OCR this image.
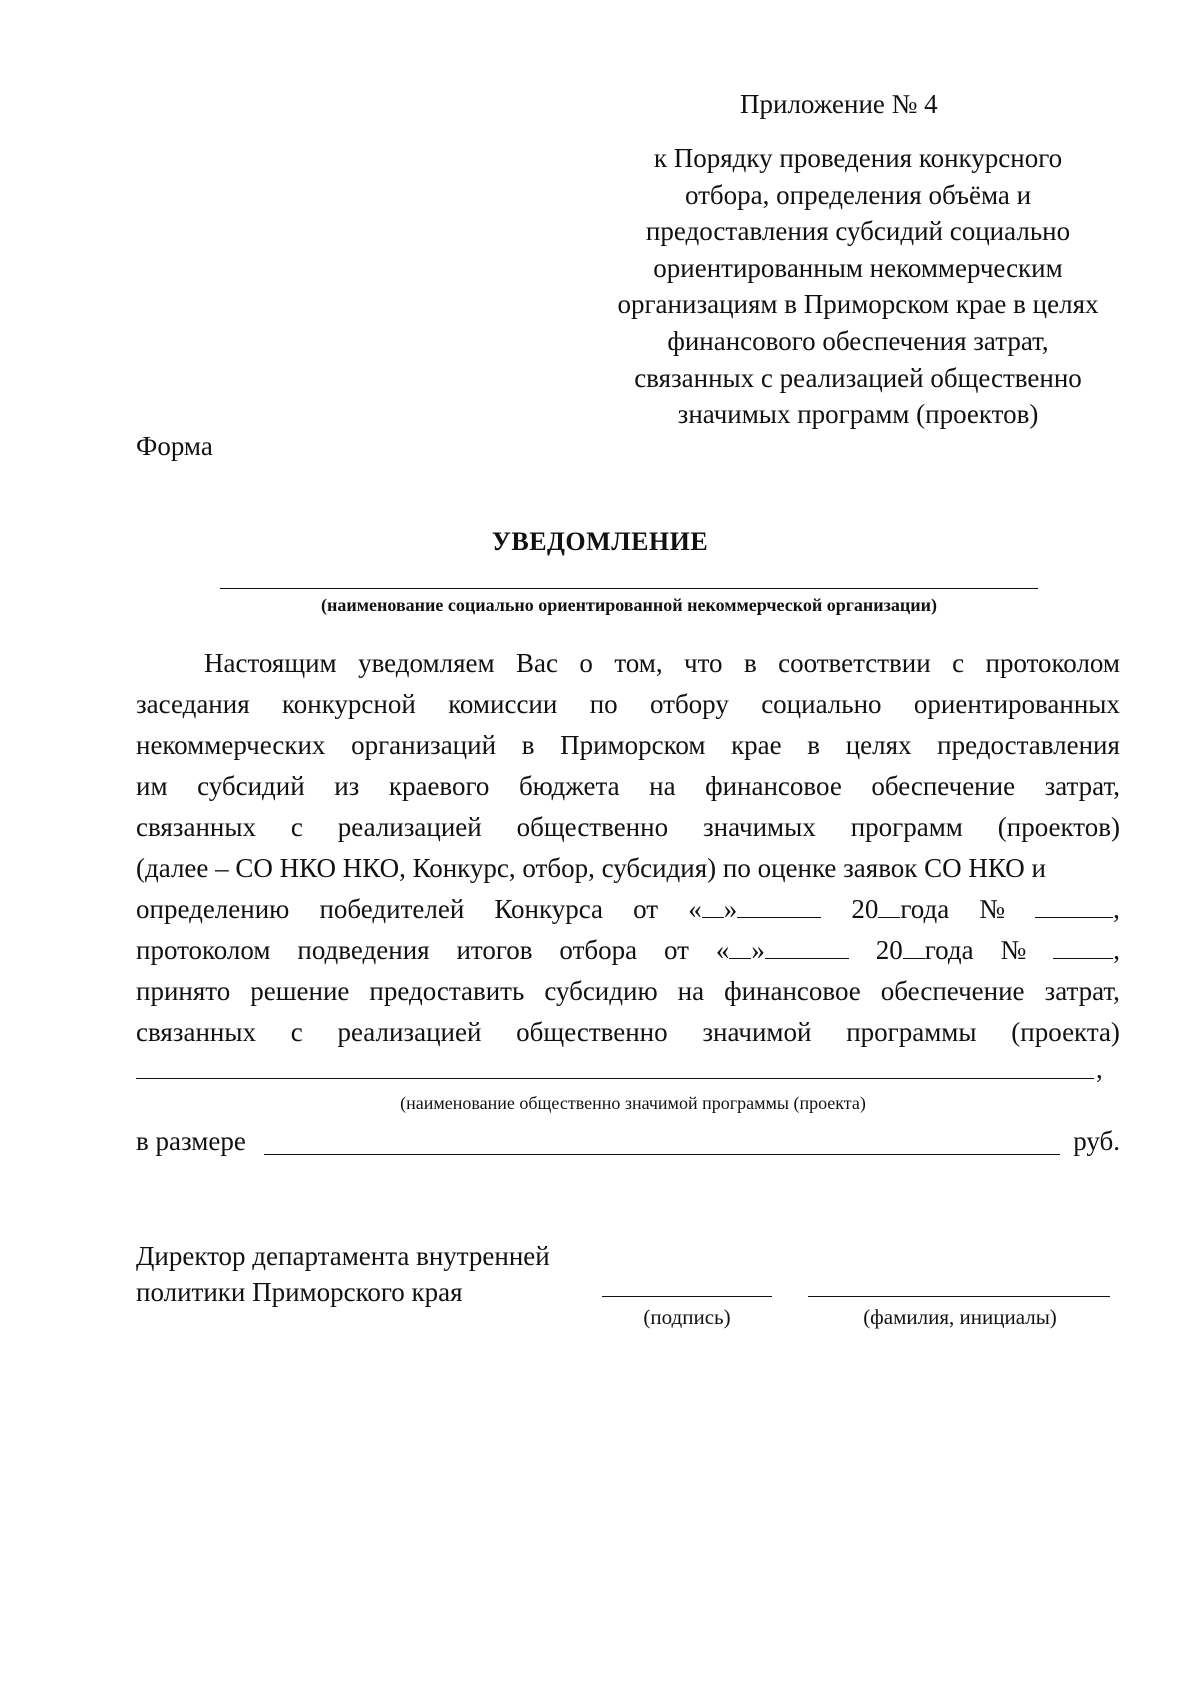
Приложение № 4
к Порядку проведения конкурсного
отбора, определения объёма и
предоставления субсидий социально
ориентированным некоммерческим
организациям в Приморском крае в целях
финансового обеспечения затрат,
связанных с реализацией общественно
значимых программ (проектов)
Форма
УВЕДОМЛЕНИЕ
(наименование социально ориентированной некоммерческой организации)
Настоящим уведомляем Вас о том, что в соответствии с протоколом
заседания конкурсной комиссии по отбору социально ориентированных
некоммерческих организаций в Приморском крае в целях предоставления
им субсидий из краевого бюджета на финансовое обеспечение затрат,
связанных с реализацией общественно значимых программ (проектов)
(далее – СО НКО НКО, Конкурс, отбор, субсидия) по оценке заявок СО НКО и
определению победителей Конкурса от « »	20 года №	,
протоколом подведения итогов отбора от « »	20 года №	,
принято решение предоставить субсидию на финансовое обеспечение затрат,
связанных с реализацией общественно значимой программы (проекта)
,
(наименование общественно значимой программы (проекта)
в размере	руб.
Директор департамента внутренней
политики Приморского края
(подпись)	(фамилия, инициалы)
